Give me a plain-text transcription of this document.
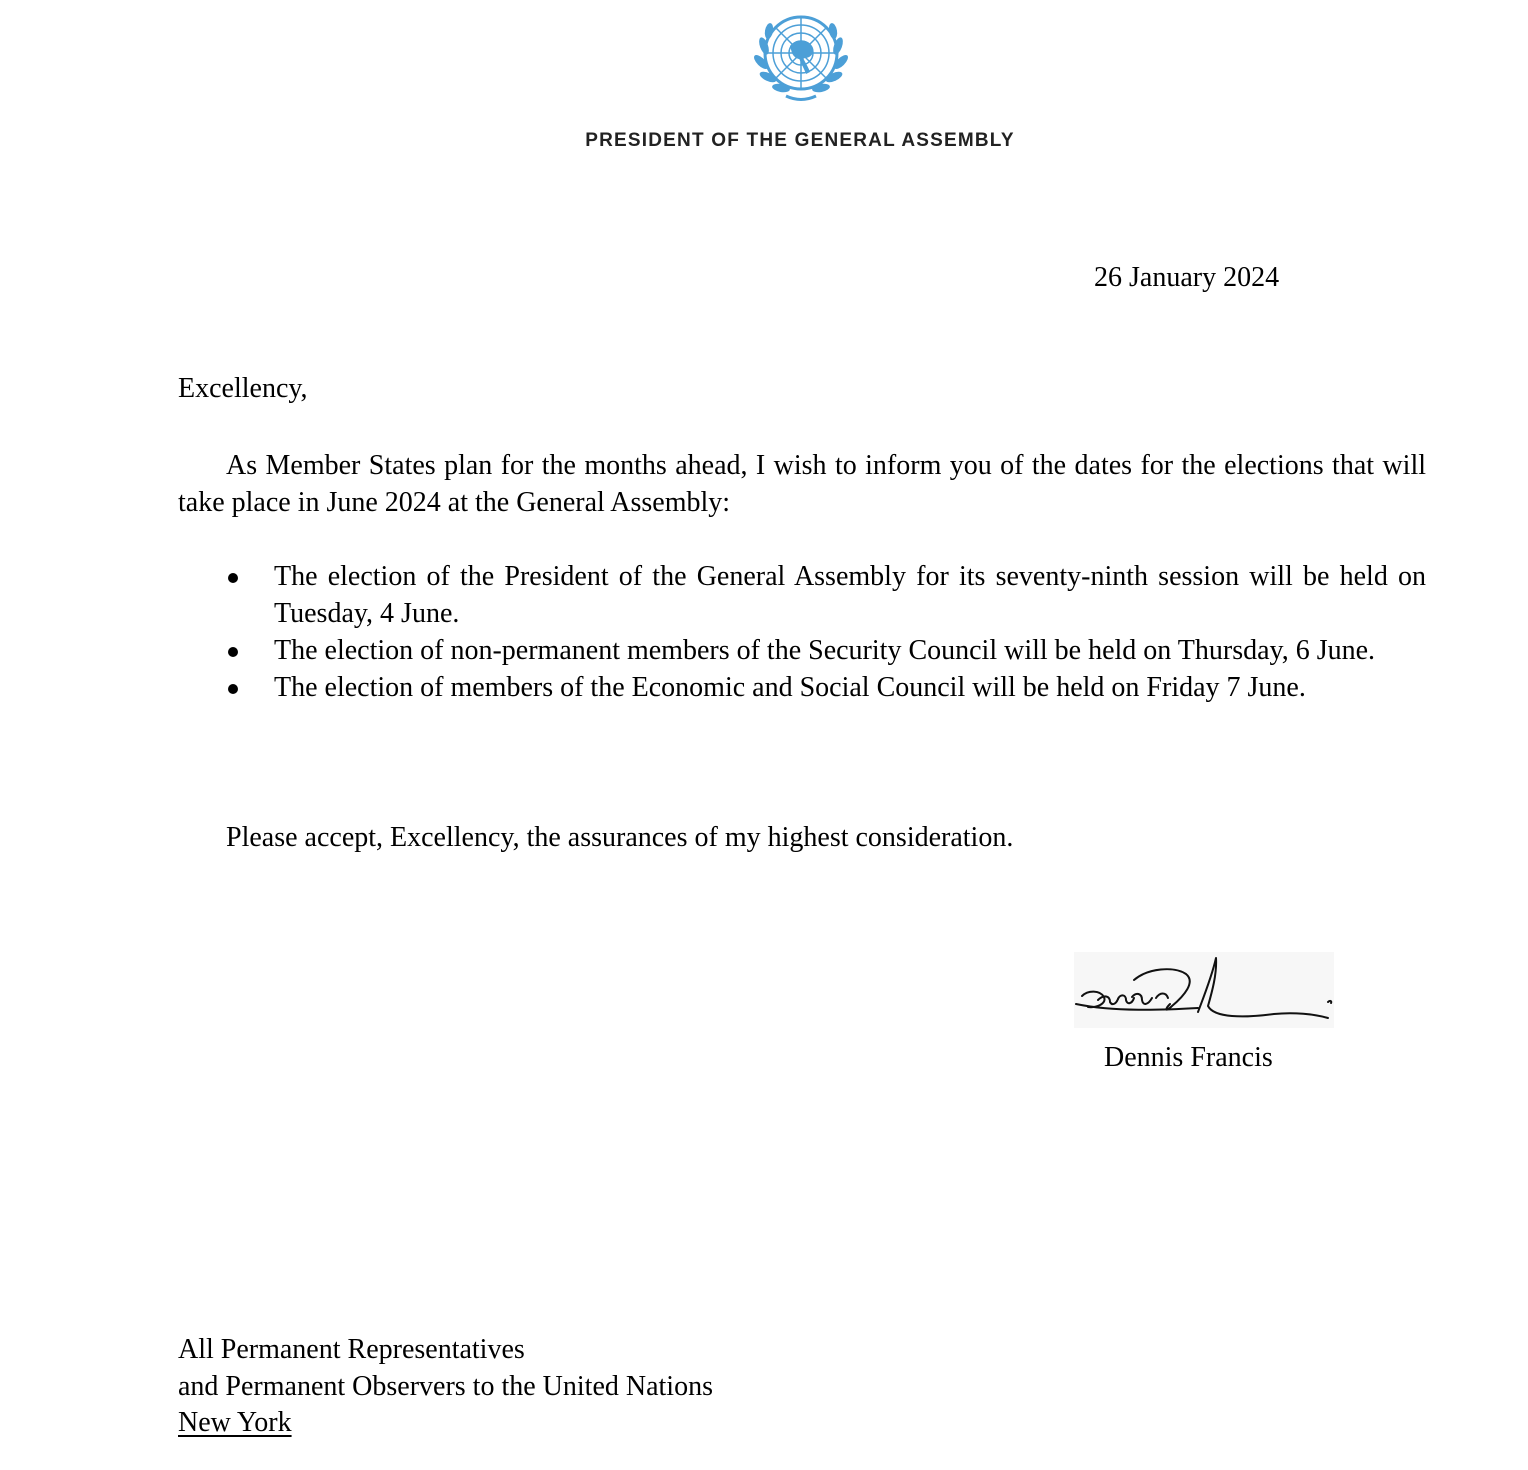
PRESIDENT OF THE GENERAL ASSEMBLY
26 January 2024
Excellency,

As Member States plan for the months ahead, I wish to inform you of the dates for the elections that will take place in June 2024 at the General Assembly:

The election of the President of the General Assembly for its seventy-ninth session will be held on Tuesday, 4 June.
The election of non-permanent members of the Security Council will be held on Thursday, 6 June.
The election of members of the Economic and Social Council will be held on Friday 7 June.
Please accept, Excellency, the assurances of my highest consideration.
Dennis Francis
All Permanent Representatives
and Permanent Observers to the United Nations
New York
